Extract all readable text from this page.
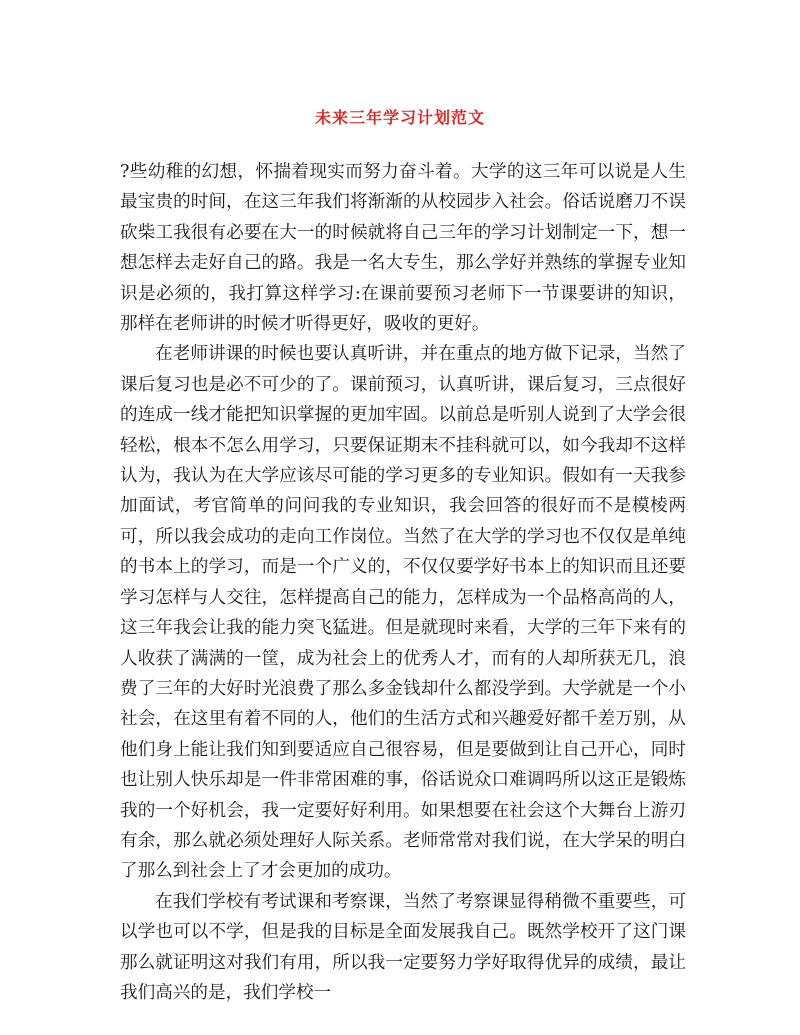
未来三年学习计划范文

?些幼稚的幻想，怀揣着现实而努力奋斗着。大学的这三年可以说是人生最宝贵的时间，在这三年我们将渐渐的从校园步入社会。俗话说磨刀不误砍柴工我很有必要在大一的时候就将自己三年的学习计划制定一下，想一想怎样去走好自己的路。我是一名大专生，那么学好并熟练的掌握专业知识是必须的，我打算这样学习:在课前要预习老师下一节课要讲的知识，那样在老师讲的时候才听得更好，吸收的更好。

在老师讲课的时候也要认真听讲，并在重点的地方做下记录，当然了课后复习也是必不可少的了。课前预习，认真听讲，课后复习，三点很好的连成一线才能把知识掌握的更加牢固。以前总是听别人说到了大学会很轻松，根本不怎么用学习，只要保证期末不挂科就可以，如今我却不这样认为，我认为在大学应该尽可能的学习更多的专业知识。假如有一天我参加面试，考官简单的问问我的专业知识，我会回答的很好而不是模棱两可，所以我会成功的走向工作岗位。当然了在大学的学习也不仅仅是单纯的书本上的学习，而是一个广义的，不仅仅要学好书本上的知识而且还要学习怎样与人交往，怎样提高自己的能力，怎样成为一个品格高尚的人，这三年我会让我的能力突飞猛进。但是就现时来看，大学的三年下来有的人收获了满满的一筐，成为社会上的优秀人才，而有的人却所获无几，浪费了三年的大好时光浪费了那么多金钱却什么都没学到。大学就是一个小社会，在这里有着不同的人，他们的生活方式和兴趣爱好都千差万别，从他们身上能让我们知到要适应自己很容易，但是要做到让自己开心，同时也让别人快乐却是一件非常困难的事，俗话说众口难调吗所以这正是锻炼我的一个好机会，我一定要好好利用。如果想要在社会这个大舞台上游刃有余，那么就必须处理好人际关系。老师常常对我们说，在大学呆的明白了那么到社会上了才会更加的成功。

在我们学校有考试课和考察课，当然了考察课显得稍微不重要些，可以学也可以不学，但是我的目标是全面发展我自己。既然学校开了这门课那么就证明这对我们有用，所以我一定要努力学好取得优异的成绩，最让我们高兴的是，我们学校一
